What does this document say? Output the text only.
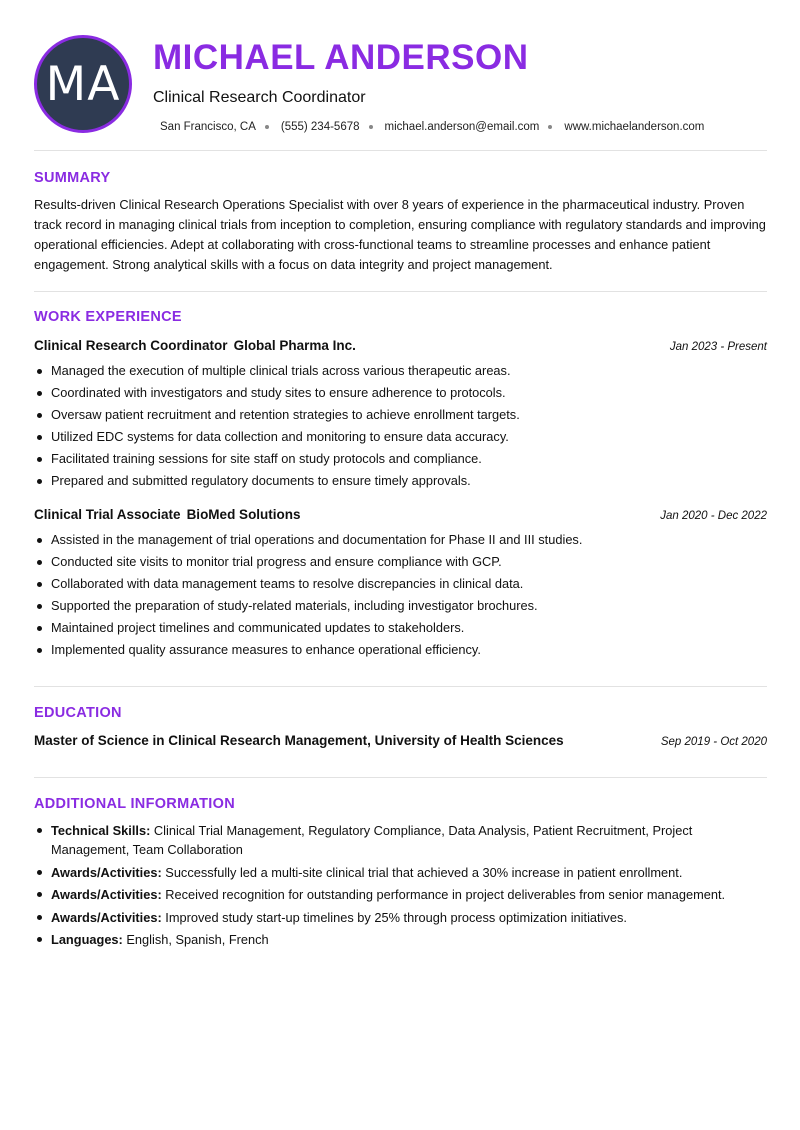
MA MICHAEL ANDERSON
Clinical Research Coordinator
San Francisco, CA (555) 234-5678 michael.anderson@email.com www.michaelanderson.com
SUMMARY
Results-driven Clinical Research Operations Specialist with over 8 years of experience in the pharmaceutical industry. Proven track record in managing clinical trials from inception to completion, ensuring compliance with regulatory standards and improving operational efficiencies. Adept at collaborating with cross-functional teams to streamline processes and enhance patient engagement. Strong analytical skills with a focus on data integrity and project management.
WORK EXPERIENCE
Clinical Research Coordinator Global Pharma Inc.	Jan 2023 - Present
Managed the execution of multiple clinical trials across various therapeutic areas.
Coordinated with investigators and study sites to ensure adherence to protocols.
Oversaw patient recruitment and retention strategies to achieve enrollment targets.
Utilized EDC systems for data collection and monitoring to ensure data accuracy.
Facilitated training sessions for site staff on study protocols and compliance.
Prepared and submitted regulatory documents to ensure timely approvals.
Clinical Trial Associate BioMed Solutions	Jan 2020 - Dec 2022
Assisted in the management of trial operations and documentation for Phase II and III studies.
Conducted site visits to monitor trial progress and ensure compliance with GCP.
Collaborated with data management teams to resolve discrepancies in clinical data.
Supported the preparation of study-related materials, including investigator brochures.
Maintained project timelines and communicated updates to stakeholders.
Implemented quality assurance measures to enhance operational efficiency.
EDUCATION
Master of Science in Clinical Research Management, University of Health Sciences	Sep 2019 - Oct 2020
ADDITIONAL INFORMATION
Technical Skills: Clinical Trial Management, Regulatory Compliance, Data Analysis, Patient Recruitment, Project Management, Team Collaboration
Awards/Activities: Successfully led a multi-site clinical trial that achieved a 30% increase in patient enrollment.
Awards/Activities: Received recognition for outstanding performance in project deliverables from senior management.
Awards/Activities: Improved study start-up timelines by 25% through process optimization initiatives.
Languages: English, Spanish, French
